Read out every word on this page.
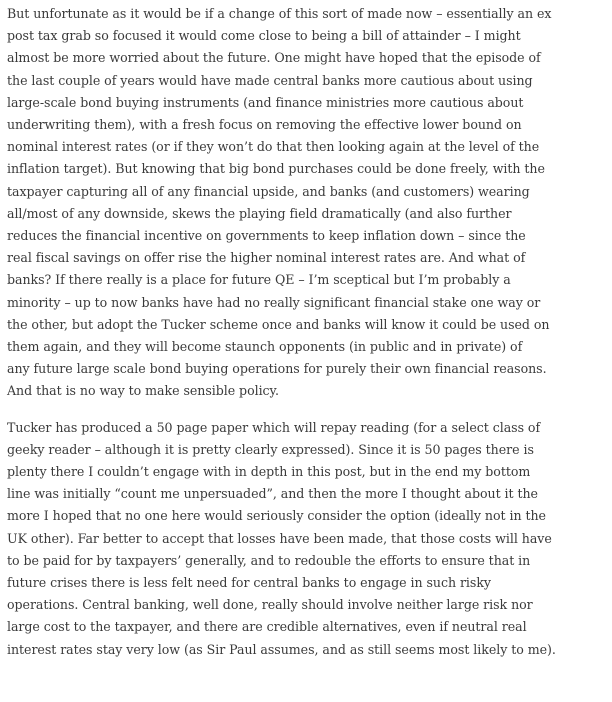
But unfortunate as it would be if a change of this sort of made now – essentially an ex
post tax grab so focused it would come close to being a bill of attainder – I might
almost be more worried about the future. One might have hoped that the episode of
the last couple of years would have made central banks more cautious about using
large-scale bond buying instruments (and finance ministries more cautious about
underwriting them), with a fresh focus on removing the effective lower bound on
nominal interest rates (or if they won’t do that then looking again at the level of the
inflation target). But knowing that big bond purchases could be done freely, with the
taxpayer capturing all of any financial upside, and banks (and customers) wearing
all/most of any downside, skews the playing field dramatically (and also further
reduces the financial incentive on governments to keep inflation down – since the
real fiscal savings on offer rise the higher nominal interest rates are. And what of
banks? If there really is a place for future QE – I’m sceptical but I’m probably a
minority – up to now banks have had no really significant financial stake one way or
the other, but adopt the Tucker scheme once and banks will know it could be used on
them again, and they will become staunch opponents (in public and in private) of
any future large scale bond buying operations for purely their own financial reasons.
And that is no way to make sensible policy.

Tucker has produced a 50 page paper which will repay reading (for a select class of
geeky reader – although it is pretty clearly expressed). Since it is 50 pages there is
plenty there I couldn’t engage with in depth in this post, but in the end my bottom
line was initially “count me unpersuaded”, and then the more I thought about it the
more I hoped that no one here would seriously consider the option (ideally not in the
UK other). Far better to accept that losses have been made, that those costs will have
to be paid for by taxpayers’ generally, and to redouble the efforts to ensure that in
future crises there is less felt need for central banks to engage in such risky
operations. Central banking, well done, really should involve neither large risk nor
large cost to the taxpayer, and there are credible alternatives, even if neutral real
interest rates stay very low (as Sir Paul assumes, and as still seems most likely to me).
